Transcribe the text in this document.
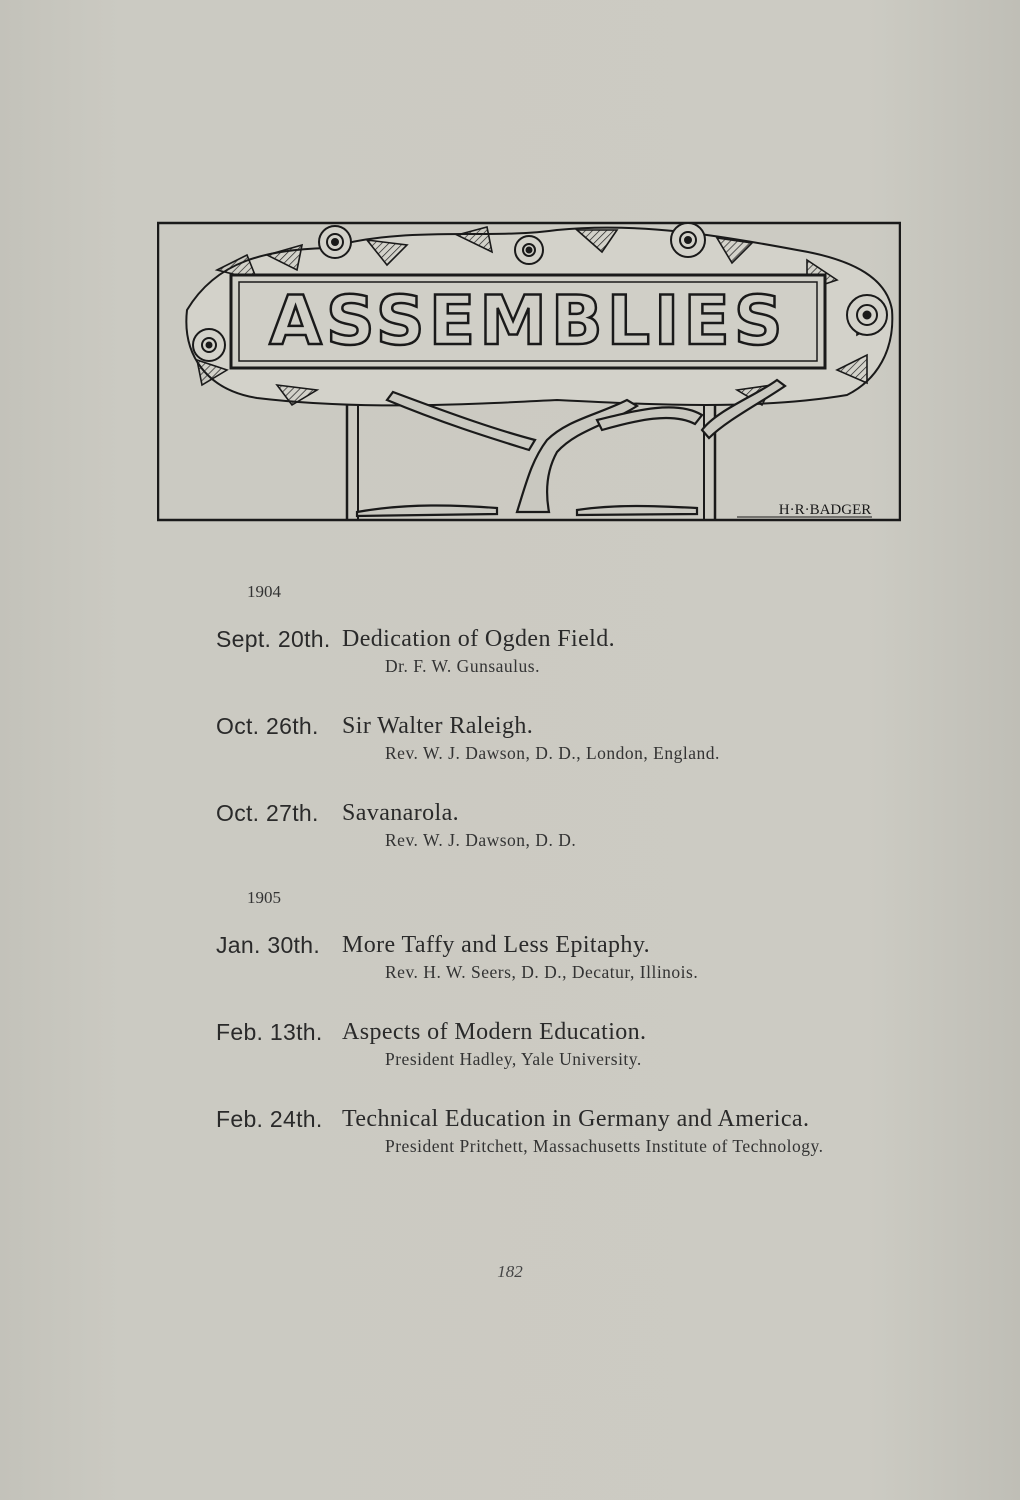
H·R·BADGER
ASSEMBLIES
1904
Sept. 20th. Dedication of Ogden Field.
Dr. F. W. Gunsaulus.
Oct. 26th. Sir Walter Raleigh.
Rev. W. J. Dawson, D. D., London, England.
Oct. 27th. Savanarola.
Rev. W. J. Dawson, D. D.
1905
Jan. 30th. More Taffy and Less Epitaphy.
Rev. H. W. Seers, D. D., Decatur, Illinois.
Feb. 13th. Aspects of Modern Education.
President Hadley, Yale University.
Feb. 24th. Technical Education in Germany and America.
President Pritchett, Massachusetts Institute of Technology.
182
